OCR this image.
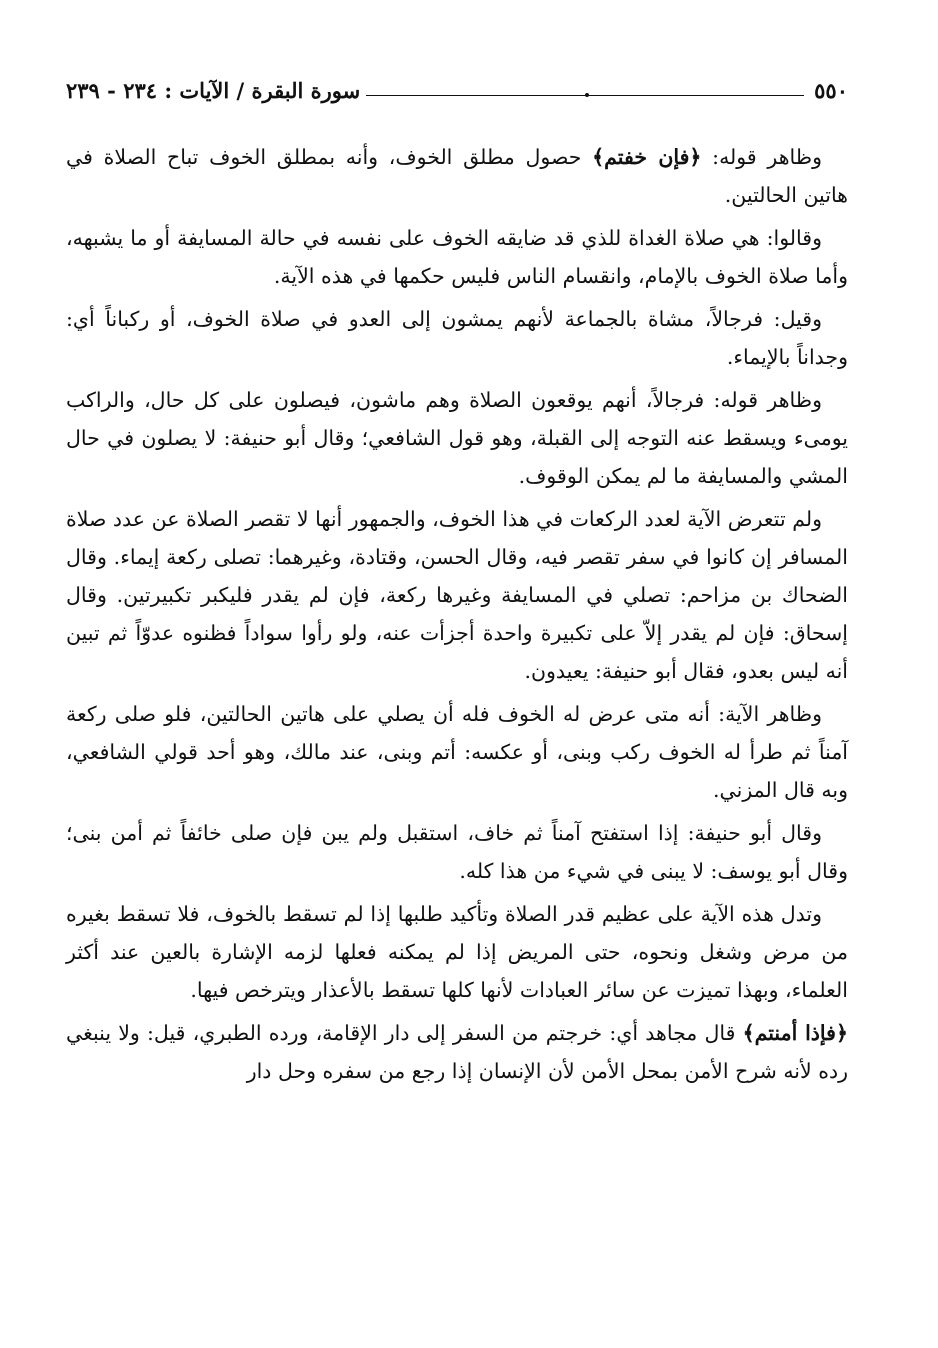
٥٥٠
سورة البقرة / الآيات : ٢٣٤ - ٢٣٩

وظاهر قوله: ﴿فإن خفتم﴾ حصول مطلق الخوف، وأنه بمطلق الخوف تباح الصلاة في هاتين الحالتين.

وقالوا: هي صلاة الغداة للذي قد ضايقه الخوف على نفسه في حالة المسايفة أو ما يشبهه، وأما صلاة الخوف بالإمام، وانقسام الناس فليس حكمها في هذه الآية.

وقيل: فرجالاً، مشاة بالجماعة لأنهم يمشون إلى العدو في صلاة الخوف، أو ركباناً أي: وجداناً بالإيماء.

وظاهر قوله: فرجالاً، أنهم يوقعون الصلاة وهم ماشون، فيصلون على كل حال، والراكب يومىء ويسقط عنه التوجه إلى القبلة، وهو قول الشافعي؛ وقال أبو حنيفة: لا يصلون في حال المشي والمسايفة ما لم يمكن الوقوف.

ولم تتعرض الآية لعدد الركعات في هذا الخوف، والجمهور أنها لا تقصر الصلاة عن عدد صلاة المسافر إن كانوا في سفر تقصر فيه، وقال الحسن، وقتادة، وغيرهما: تصلى ركعة إيماء. وقال الضحاك بن مزاحم: تصلي في المسايفة وغيرها ركعة، فإن لم يقدر فليكبر تكبيرتين. وقال إسحاق: فإن لم يقدر إلاّ على تكبيرة واحدة أجزأت عنه، ولو رأوا سواداً فظنوه عدوّاً ثم تبين أنه ليس بعدو، فقال أبو حنيفة: يعيدون.

وظاهر الآية: أنه متى عرض له الخوف فله أن يصلي على هاتين الحالتين، فلو صلى ركعة آمناً ثم طرأ له الخوف ركب وبنى، أو عكسه: أتم وبنى، عند مالك، وهو أحد قولي الشافعي، وبه قال المزني.

وقال أبو حنيفة: إذا استفتح آمناً ثم خاف، استقبل ولم يبن فإن صلى خائفاً ثم أمن بنى؛ وقال أبو يوسف: لا يبنى في شيء من هذا كله.

وتدل هذه الآية على عظيم قدر الصلاة وتأكيد طلبها إذا لم تسقط بالخوف، فلا تسقط بغيره من مرض وشغل ونحوه، حتى المريض إذا لم يمكنه فعلها لزمه الإشارة بالعين عند أكثر العلماء، وبهذا تميزت عن سائر العبادات لأنها كلها تسقط بالأعذار ويترخص فيها.

﴿فإذا أمنتم﴾ قال مجاهد أي: خرجتم من السفر إلى دار الإقامة، ورده الطبري، قيل: ولا ينبغي رده لأنه شرح الأمن بمحل الأمن لأن الإنسان إذا رجع من سفره وحل دار
